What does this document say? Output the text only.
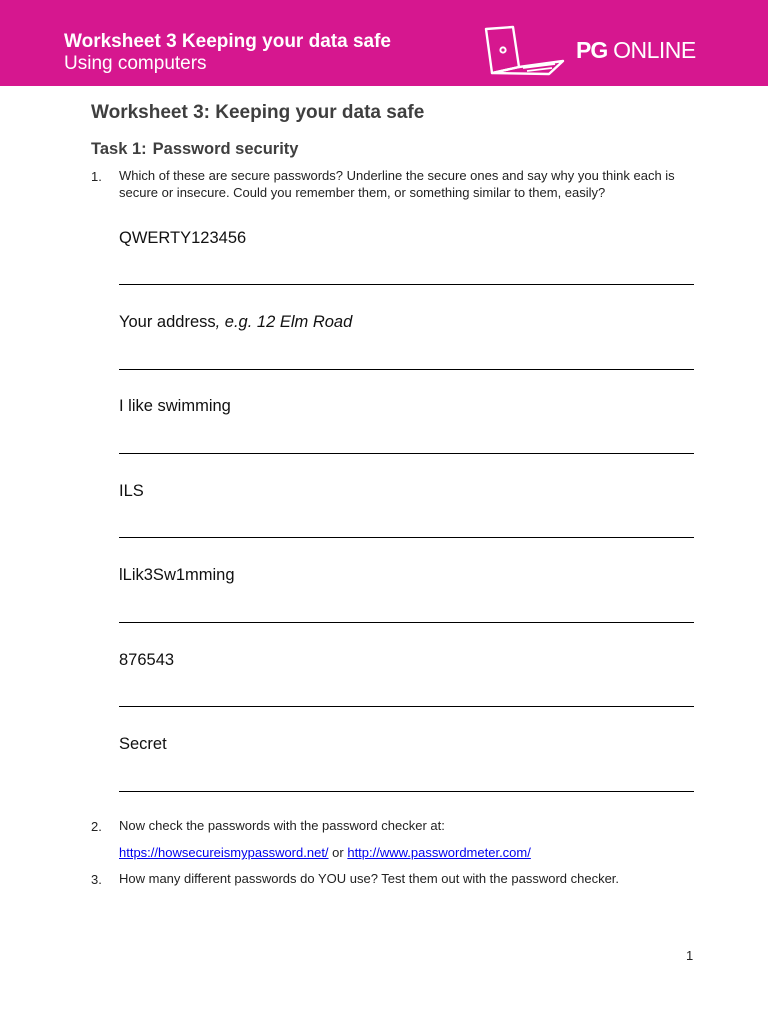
Worksheet 3 Keeping your data safe
Using computers
PG ONLINE
Worksheet 3: Keeping your data safe
Task 1: Password security
1. Which of these are secure passwords? Underline the secure ones and say why you think each is secure or insecure. Could you remember them, or something similar to them, easily?
QWERTY123456
Your address, e.g. 12 Elm Road
I like swimming
ILS
lLik3Sw1mming
876543
Secret
2. Now check the passwords with the password checker at:
https://howsecureismypassword.net/ or http://www.passwordmeter.com/
3. How many different passwords do YOU use? Test them out with the password checker.
1
